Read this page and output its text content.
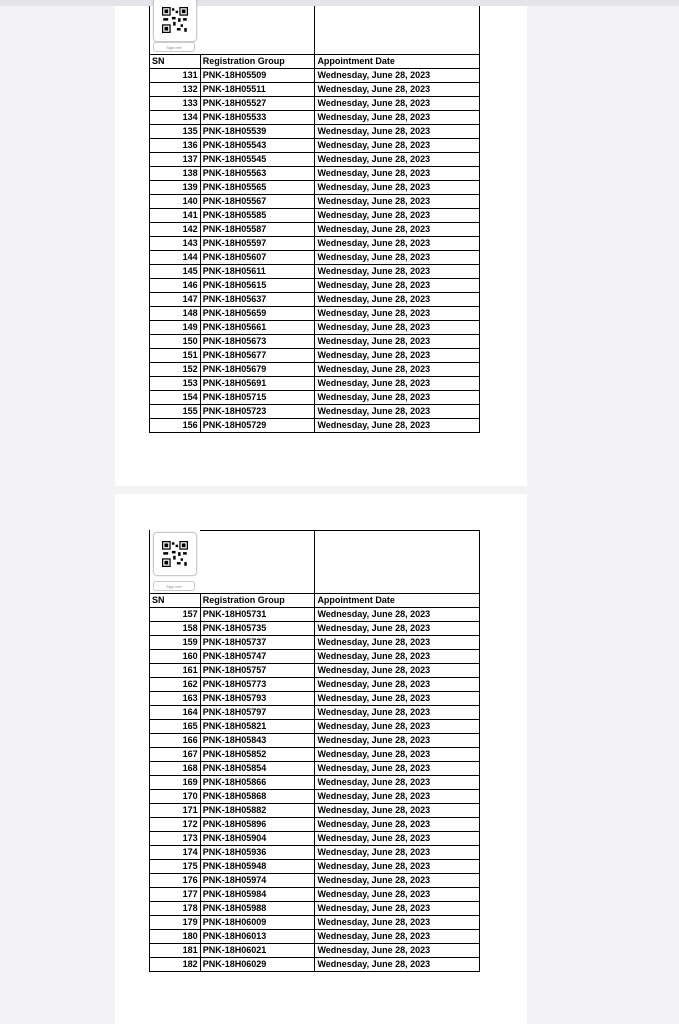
Sign me!
SN	Registration Group	Appointment Date
131	PNK-18H05509	Wednesday, June 28, 2023
132	PNK-18H05511	Wednesday, June 28, 2023
133	PNK-18H05527	Wednesday, June 28, 2023
134	PNK-18H05533	Wednesday, June 28, 2023
135	PNK-18H05539	Wednesday, June 28, 2023
136	PNK-18H05543	Wednesday, June 28, 2023
137	PNK-18H05545	Wednesday, June 28, 2023
138	PNK-18H05563	Wednesday, June 28, 2023
139	PNK-18H05565	Wednesday, June 28, 2023
140	PNK-18H05567	Wednesday, June 28, 2023
141	PNK-18H05585	Wednesday, June 28, 2023
142	PNK-18H05587	Wednesday, June 28, 2023
143	PNK-18H05597	Wednesday, June 28, 2023
144	PNK-18H05607	Wednesday, June 28, 2023
145	PNK-18H05611	Wednesday, June 28, 2023
146	PNK-18H05615	Wednesday, June 28, 2023
147	PNK-18H05637	Wednesday, June 28, 2023
148	PNK-18H05659	Wednesday, June 28, 2023
149	PNK-18H05661	Wednesday, June 28, 2023
150	PNK-18H05673	Wednesday, June 28, 2023
151	PNK-18H05677	Wednesday, June 28, 2023
152	PNK-18H05679	Wednesday, June 28, 2023
153	PNK-18H05691	Wednesday, June 28, 2023
154	PNK-18H05715	Wednesday, June 28, 2023
155	PNK-18H05723	Wednesday, June 28, 2023
156	PNK-18H05729	Wednesday, June 28, 2023
Sign me!
SN	Registration Group	Appointment Date
157	PNK-18H05731	Wednesday, June 28, 2023
158	PNK-18H05735	Wednesday, June 28, 2023
159	PNK-18H05737	Wednesday, June 28, 2023
160	PNK-18H05747	Wednesday, June 28, 2023
161	PNK-18H05757	Wednesday, June 28, 2023
162	PNK-18H05773	Wednesday, June 28, 2023
163	PNK-18H05793	Wednesday, June 28, 2023
164	PNK-18H05797	Wednesday, June 28, 2023
165	PNK-18H05821	Wednesday, June 28, 2023
166	PNK-18H05843	Wednesday, June 28, 2023
167	PNK-18H05852	Wednesday, June 28, 2023
168	PNK-18H05854	Wednesday, June 28, 2023
169	PNK-18H05866	Wednesday, June 28, 2023
170	PNK-18H05868	Wednesday, June 28, 2023
171	PNK-18H05882	Wednesday, June 28, 2023
172	PNK-18H05896	Wednesday, June 28, 2023
173	PNK-18H05904	Wednesday, June 28, 2023
174	PNK-18H05936	Wednesday, June 28, 2023
175	PNK-18H05948	Wednesday, June 28, 2023
176	PNK-18H05974	Wednesday, June 28, 2023
177	PNK-18H05984	Wednesday, June 28, 2023
178	PNK-18H05988	Wednesday, June 28, 2023
179	PNK-18H06009	Wednesday, June 28, 2023
180	PNK-18H06013	Wednesday, June 28, 2023
181	PNK-18H06021	Wednesday, June 28, 2023
182	PNK-18H06029	Wednesday, June 28, 2023
